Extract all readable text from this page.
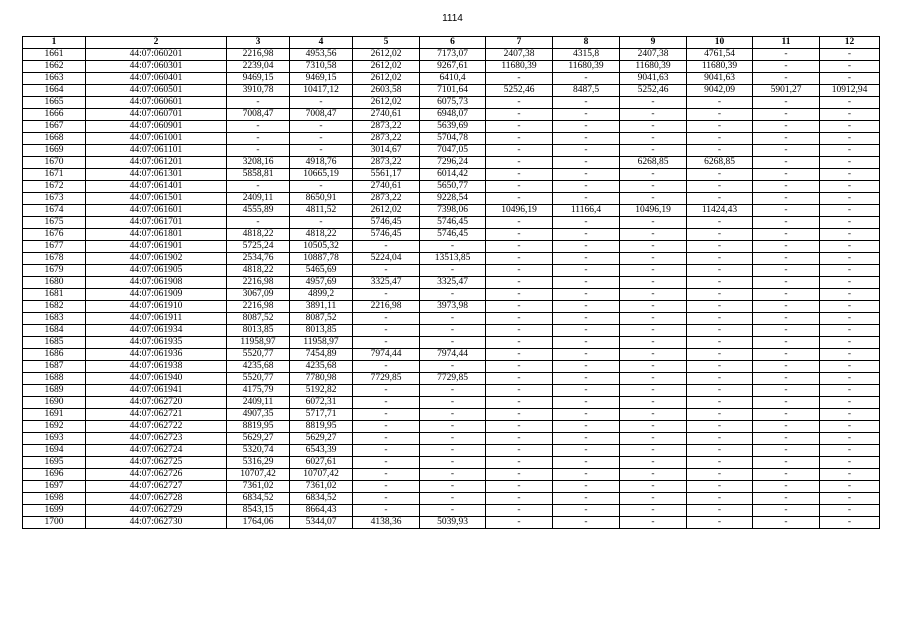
1114
1	2	3	4	5	6	7	8	9	10	11	12
1661	44:07:060201	2216,98	4953,56	2612,02	7173,07	2407,38	4315,8	2407,38	4761,54	-	-
1662	44:07:060301	2239,04	7310,58	2612,02	9267,61	11680,39	11680,39	11680,39	11680,39	-	-
1663	44:07:060401	9469,15	9469,15	2612,02	6410,4	-	-	9041,63	9041,63	-	-
1664	44:07:060501	3910,78	10417,12	2603,58	7101,64	5252,46	8487,5	5252,46	9042,09	5901,27	10912,94
1665	44:07:060601	-	-	2612,02	6075,73	-	-	-	-	-	-
1666	44:07:060701	7008,47	7008,47	2740,61	6948,07	-	-	-	-	-	-
1667	44:07:060901	-	-	2873,22	5639,69	-	-	-	-	-	-
1668	44:07:061001	-	-	2873,22	5704,78	-	-	-	-	-	-
1669	44:07:061101	-	-	3014,67	7047,05	-	-	-	-	-	-
1670	44:07:061201	3208,16	4918,76	2873,22	7296,24	-	-	6268,85	6268,85	-	-
1671	44:07:061301	5858,81	10665,19	5561,17	6014,42	-	-	-	-	-	-
1672	44:07:061401	-	-	2740,61	5650,77	-	-	-	-	-	-
1673	44:07:061501	2409,11	8650,91	2873,22	9228,54	-	-	-	-	-	-
1674	44:07:061601	4555,89	4811,52	2612,02	7398,06	10496,19	11166,4	10496,19	11424,43	-	-
1675	44:07:061701	-	-	5746,45	5746,45	-	-	-	-	-	-
1676	44:07:061801	4818,22	4818,22	5746,45	5746,45	-	-	-	-	-	-
1677	44:07:061901	5725,24	10505,32	-	-	-	-	-	-	-	-
1678	44:07:061902	2534,76	10887,78	5224,04	13513,85	-	-	-	-	-	-
1679	44:07:061905	4818,22	5465,69	-	-	-	-	-	-	-	-
1680	44:07:061908	2216,98	4957,69	3325,47	3325,47	-	-	-	-	-	-
1681	44:07:061909	3067,09	4899,2	-	-	-	-	-	-	-	-
1682	44:07:061910	2216,98	3891,11	2216,98	3973,98	-	-	-	-	-	-
1683	44:07:061911	8087,52	8087,52	-	-	-	-	-	-	-	-
1684	44:07:061934	8013,85	8013,85	-	-	-	-	-	-	-	-
1685	44:07:061935	11958,97	11958,97	-	-	-	-	-	-	-	-
1686	44:07:061936	5520,77	7454,89	7974,44	7974,44	-	-	-	-	-	-
1687	44:07:061938	4235,68	4235,68	-	-	-	-	-	-	-	-
1688	44:07:061940	5520,77	7780,98	7729,85	7729,85	-	-	-	-	-	-
1689	44:07:061941	4175,79	5192,82	-	-	-	-	-	-	-	-
1690	44:07:062720	2409,11	6072,31	-	-	-	-	-	-	-	-
1691	44:07:062721	4907,35	5717,71	-	-	-	-	-	-	-	-
1692	44:07:062722	8819,95	8819,95	-	-	-	-	-	-	-	-
1693	44:07:062723	5629,27	5629,27	-	-	-	-	-	-	-	-
1694	44:07:062724	5320,74	6543,39	-	-	-	-	-	-	-	-
1695	44:07:062725	5316,29	6027,61	-	-	-	-	-	-	-	-
1696	44:07:062726	10707,42	10707,42	-	-	-	-	-	-	-	-
1697	44:07:062727	7361,02	7361,02	-	-	-	-	-	-	-	-
1698	44:07:062728	6834,52	6834,52	-	-	-	-	-	-	-	-
1699	44:07:062729	8543,15	8664,43	-	-	-	-	-	-	-	-
1700	44:07:062730	1764,06	5344,07	4138,36	5039,93	-	-	-	-	-	-
